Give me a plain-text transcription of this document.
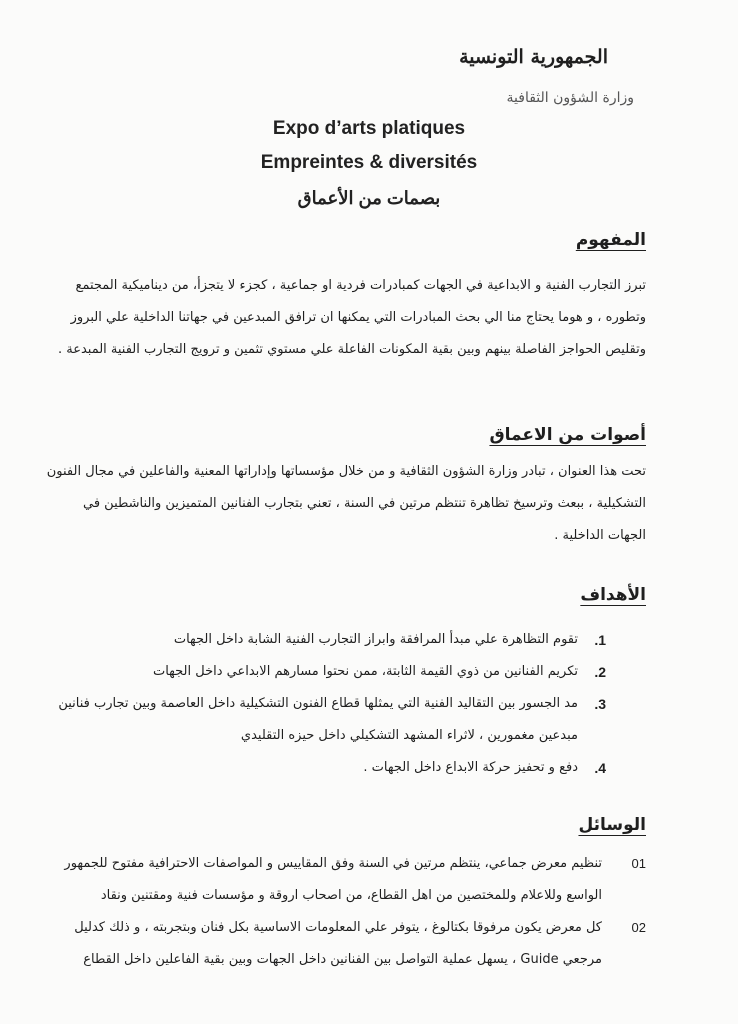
الجمهورية التونسية
وزارة الشؤون الثقافية
Expo d’arts platiques
Empreintes & diversités
بصمات من الأعماق
المفهوم
تبرز التجارب الفنية و الابداعية في الجهات كمبادرات فردية او جماعية ، كجزء لا يتجزأ، من ديناميكية المجتمع وتطوره ، و هوما يحتاج منا الي بحث المبادرات التي يمكنها ان ترافق المبدعين في جهاتنا الداخلية علي البروز وتقليص الحواجز الفاصلة بينهم وبين بقية المكونات الفاعلة علي مستوي تثمين و ترويج التجارب الفنية المبدعة .
أصوات من الاعماق
تحت هذا العنوان ، تبادر وزارة الشؤون الثقافية و من خلال مؤسساتها وإداراتها المعنية والفاعلين في مجال الفنون التشكيلية ، ببعث وترسيخ تظاهرة تنتظم مرتين في السنة ، تعني بتجارب الفنانين المتميزين والناشطين في الجهات الداخلية .
الأهداف
1.
تقوم التظاهرة علي مبدأ المرافقة وابراز التجارب الفنية الشابة داخل الجهات
2.
تكريم الفنانين من ذوي القيمة الثابتة، ممن نحتوا مسارهم الابداعي داخل الجهات
3.
مد الجسور بين التقاليد الفنية التي يمثلها قطاع الفنون التشكيلية داخل العاصمة وبين تجارب فنانين مبدعين مغمورين ، لاثراء المشهد التشكيلي داخل حيزه التقليدي
4.
دفع و تحفيز حركة الابداع داخل الجهات .
الوسائل
01
تنظيم معرض جماعي، ينتظم مرتين في السنة وفق المقاييس و المواصفات الاحترافية مفتوح للجمهور الواسع وللاعلام وللمختصين من اهل القطاع، من اصحاب اروقة و مؤسسات فنية ومقتنين ونقاد
02
كل معرض يكون مرفوقا بكتالوغ ، يتوفر علي المعلومات الاساسية بكل فنان وبتجربته ، و ذلك كدليل مرجعي Guide ، يسهل عملية التواصل بين الفنانين داخل الجهات وبين بقية الفاعلين داخل القطاع
